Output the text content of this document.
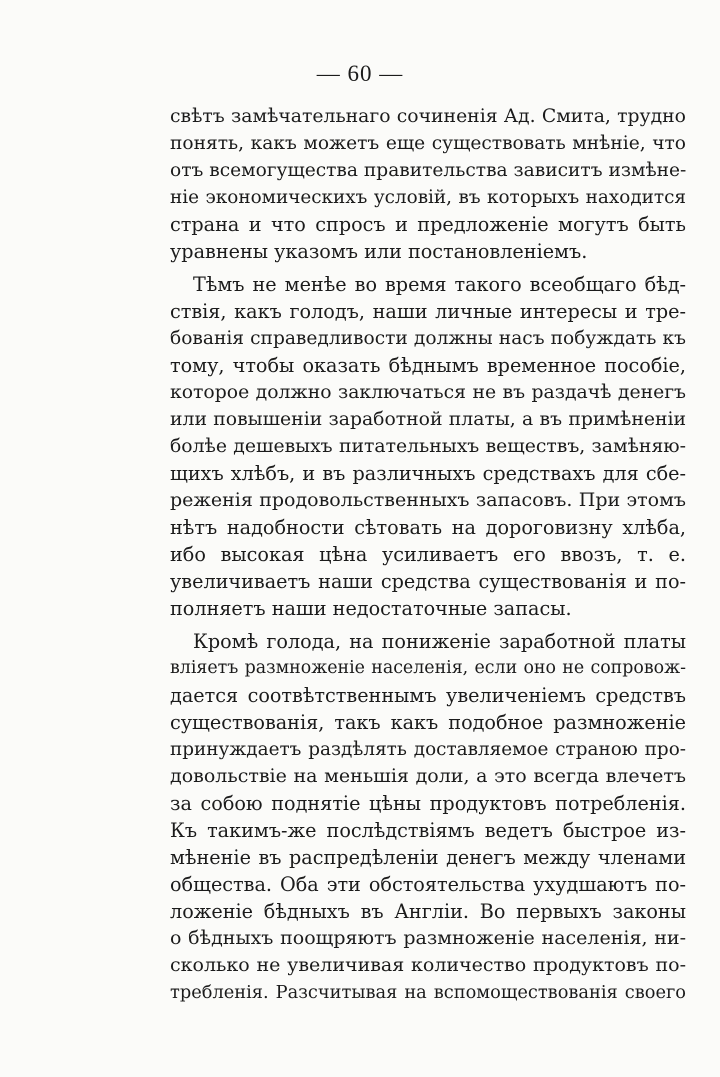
— 60 —
свѣтъ замѣчательнаго сочиненія Ад. Смита, трудно
понять, какъ можетъ еще существовать мнѣніе, что
отъ всемогущества правительства зависитъ измѣне-
ніе экономическихъ условій, въ которыхъ находится
страна и что спросъ и предложеніе могутъ быть
уравнены указомъ или постановленіемъ.
Тѣмъ не менѣе во время такого всеобщаго бѣд-
ствія, какъ голодъ, наши личные интересы и тре-
бованія справедливости должны насъ побуждать къ
тому, чтобы оказать бѣднымъ временное пособіе,
которое должно заключаться не въ раздачѣ денегъ
или повышеніи заработной платы, а въ примѣненіи
болѣе дешевыхъ питательныхъ веществъ, замѣняю-
щихъ хлѣбъ, и въ различныхъ средствахъ для сбе-
реженія продовольственныхъ запасовъ. При этомъ
нѣтъ надобности сѣтовать на дороговизну хлѣба,
ибо высокая цѣна усиливаетъ его ввозъ, т. е.
увеличиваетъ наши средства существованія и по-
полняетъ наши недостаточные запасы.
Кромѣ голода, на пониженіе заработной платы
вліяетъ размноженіе населенія, если оно не сопровож-
дается соотвѣтственнымъ увеличеніемъ средствъ
существованія, такъ какъ подобное размноженіе
принуждаетъ раздѣлять доставляемое страною про-
довольствіе на меньшія доли, а это всегда влечетъ
за собою поднятіе цѣны продуктовъ потребленія.
Къ такимъ-же послѣдствіямъ ведетъ быстрое из-
мѣненіе въ распредѣленіи денегъ между членами
общества. Оба эти обстоятельства ухудшаютъ по-
ложеніе бѣдныхъ въ Англіи. Во первыхъ законы
о бѣдныхъ поощряютъ размноженіе населенія, ни-
сколько не увеличивая количество продуктовъ по-
требленія. Разсчитывая на вспомоществованія своего
